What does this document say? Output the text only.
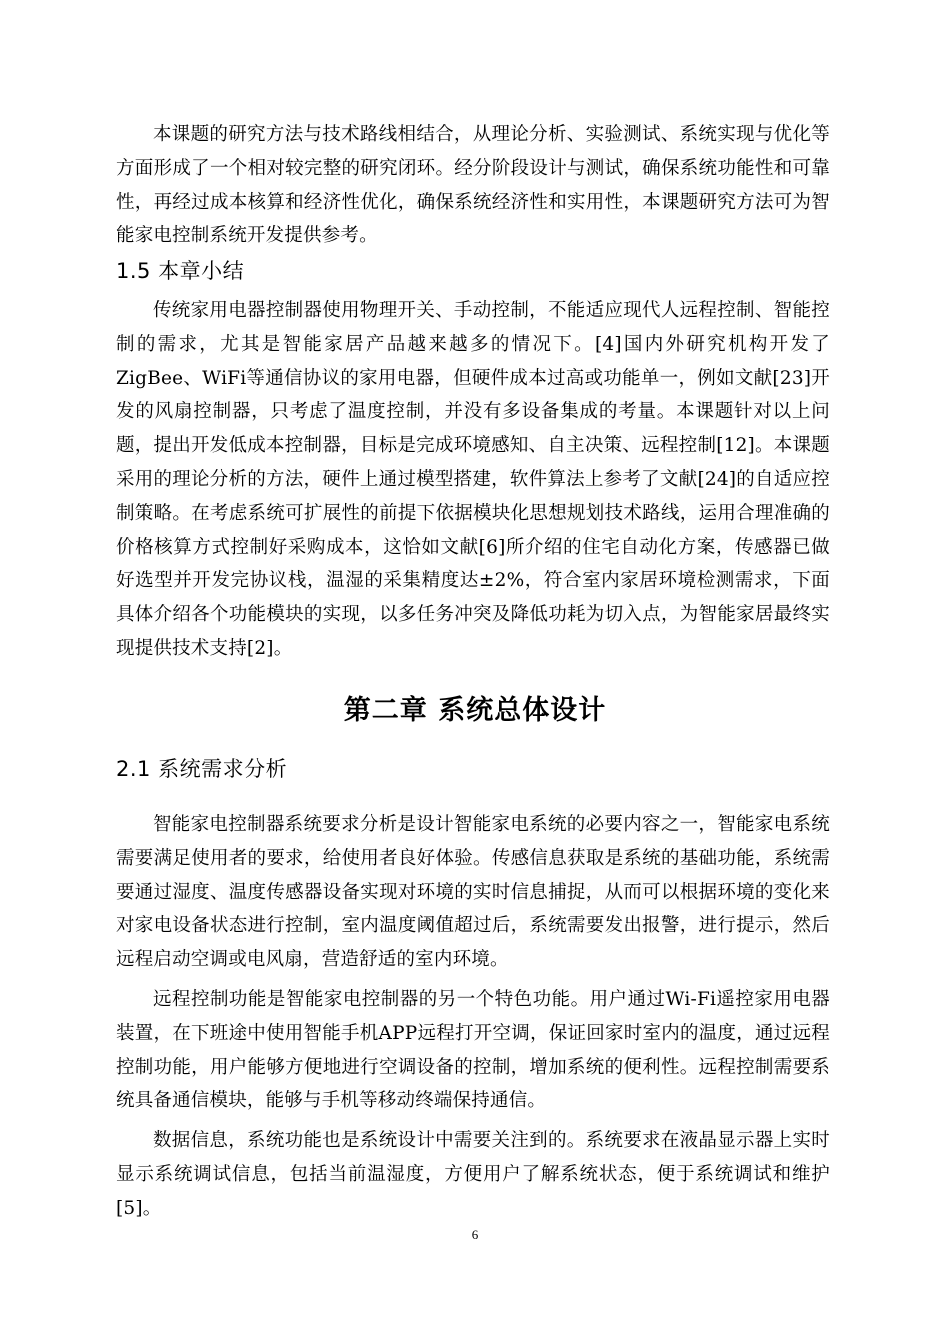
本课题的研究方法与技术路线相结合，从理论分析、实验测试、系统实现与优化等方面形成了一个相对较完整的研究闭环。经分阶段设计与测试，确保系统功能性和可靠性，再经过成本核算和经济性优化，确保系统经济性和实用性，本课题研究方法可为智能家电控制系统开发提供参考。

1.5 本章小结

传统家用电器控制器使用物理开关、手动控制，不能适应现代人远程控制、智能控制的需求，尤其是智能家居产品越来越多的情况下。[4]国内外研究机构开发了ZigBee、WiFi等通信协议的家用电器，但硬件成本过高或功能单一，例如文献[23]开发的风扇控制器，只考虑了温度控制，并没有多设备集成的考量。本课题针对以上问题，提出开发低成本控制器，目标是完成环境感知、自主决策、远程控制[12]。本课题采用的理论分析的方法，硬件上通过模型搭建，软件算法上参考了文献[24]的自适应控制策略。在考虑系统可扩展性的前提下依据模块化思想规划技术路线，运用合理准确的价格核算方式控制好采购成本，这恰如文献[6]所介绍的住宅自动化方案，传感器已做好选型并开发完协议栈，温湿的采集精度达±2%，符合室内家居环境检测需求，下面具体介绍各个功能模块的实现，以多任务冲突及降低功耗为切入点，为智能家居最终实现提供技术支持[2]。

第二章 系统总体设计
2.1 系统需求分析

智能家电控制器系统要求分析是设计智能家电系统的必要内容之一，智能家电系统需要满足使用者的要求，给使用者良好体验。传感信息获取是系统的基础功能，系统需要通过湿度、温度传感器设备实现对环境的实时信息捕捉，从而可以根据环境的变化来对家电设备状态进行控制，室内温度阈值超过后，系统需要发出报警，进行提示，然后远程启动空调或电风扇，营造舒适的室内环境。

远程控制功能是智能家电控制器的另一个特色功能。用户通过Wi-Fi遥控家用电器装置，在下班途中使用智能手机APP远程打开空调，保证回家时室内的温度，通过远程控制功能，用户能够方便地进行空调设备的控制，增加系统的便利性。远程控制需要系统具备通信模块，能够与手机等移动终端保持通信。

数据信息，系统功能也是系统设计中需要关注到的。系统要求在液晶显示器上实时显示系统调试信息，包括当前温湿度，方便用户了解系统状态，便于系统调试和维护[5]。

6
